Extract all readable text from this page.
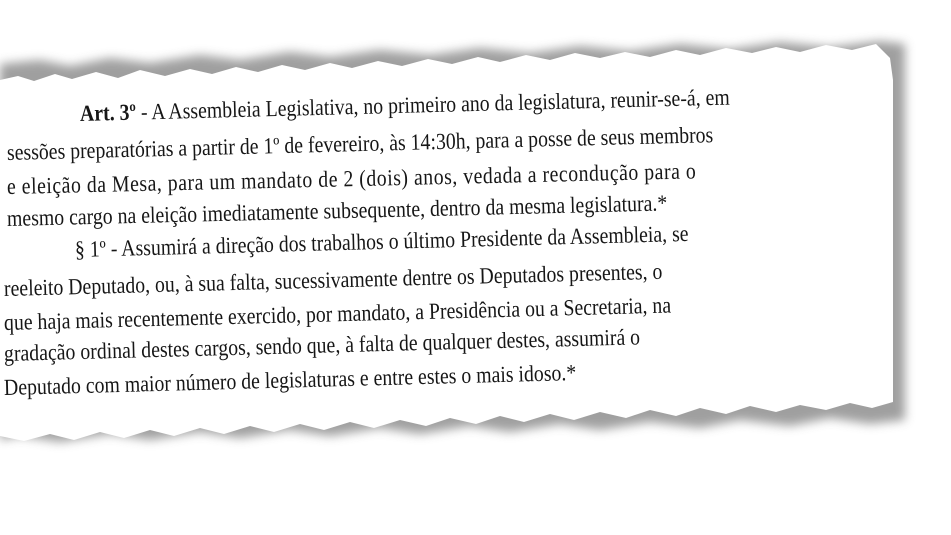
Art. 3º - A Assembleia Legislativa, no primeiro ano da legislatura, reunir-se-á, em
sessões preparatórias a partir de 1º de fevereiro, às 14:30h, para a posse de seus membros
e eleição da Mesa, para um mandato de 2 (dois) anos, vedada a recondução para o
mesmo cargo na eleição imediatamente subsequente, dentro da mesma legislatura.*
§ 1º - Assumirá a direção dos trabalhos o último Presidente da Assembleia, se
reeleito Deputado, ou, à sua falta, sucessivamente dentre os Deputados presentes, o
que haja mais recentemente exercido, por mandato, a Presidência ou a Secretaria, na
gradação ordinal destes cargos, sendo que, à falta de qualquer destes, assumirá o
Deputado com maior número de legislaturas e entre estes o mais idoso.*
